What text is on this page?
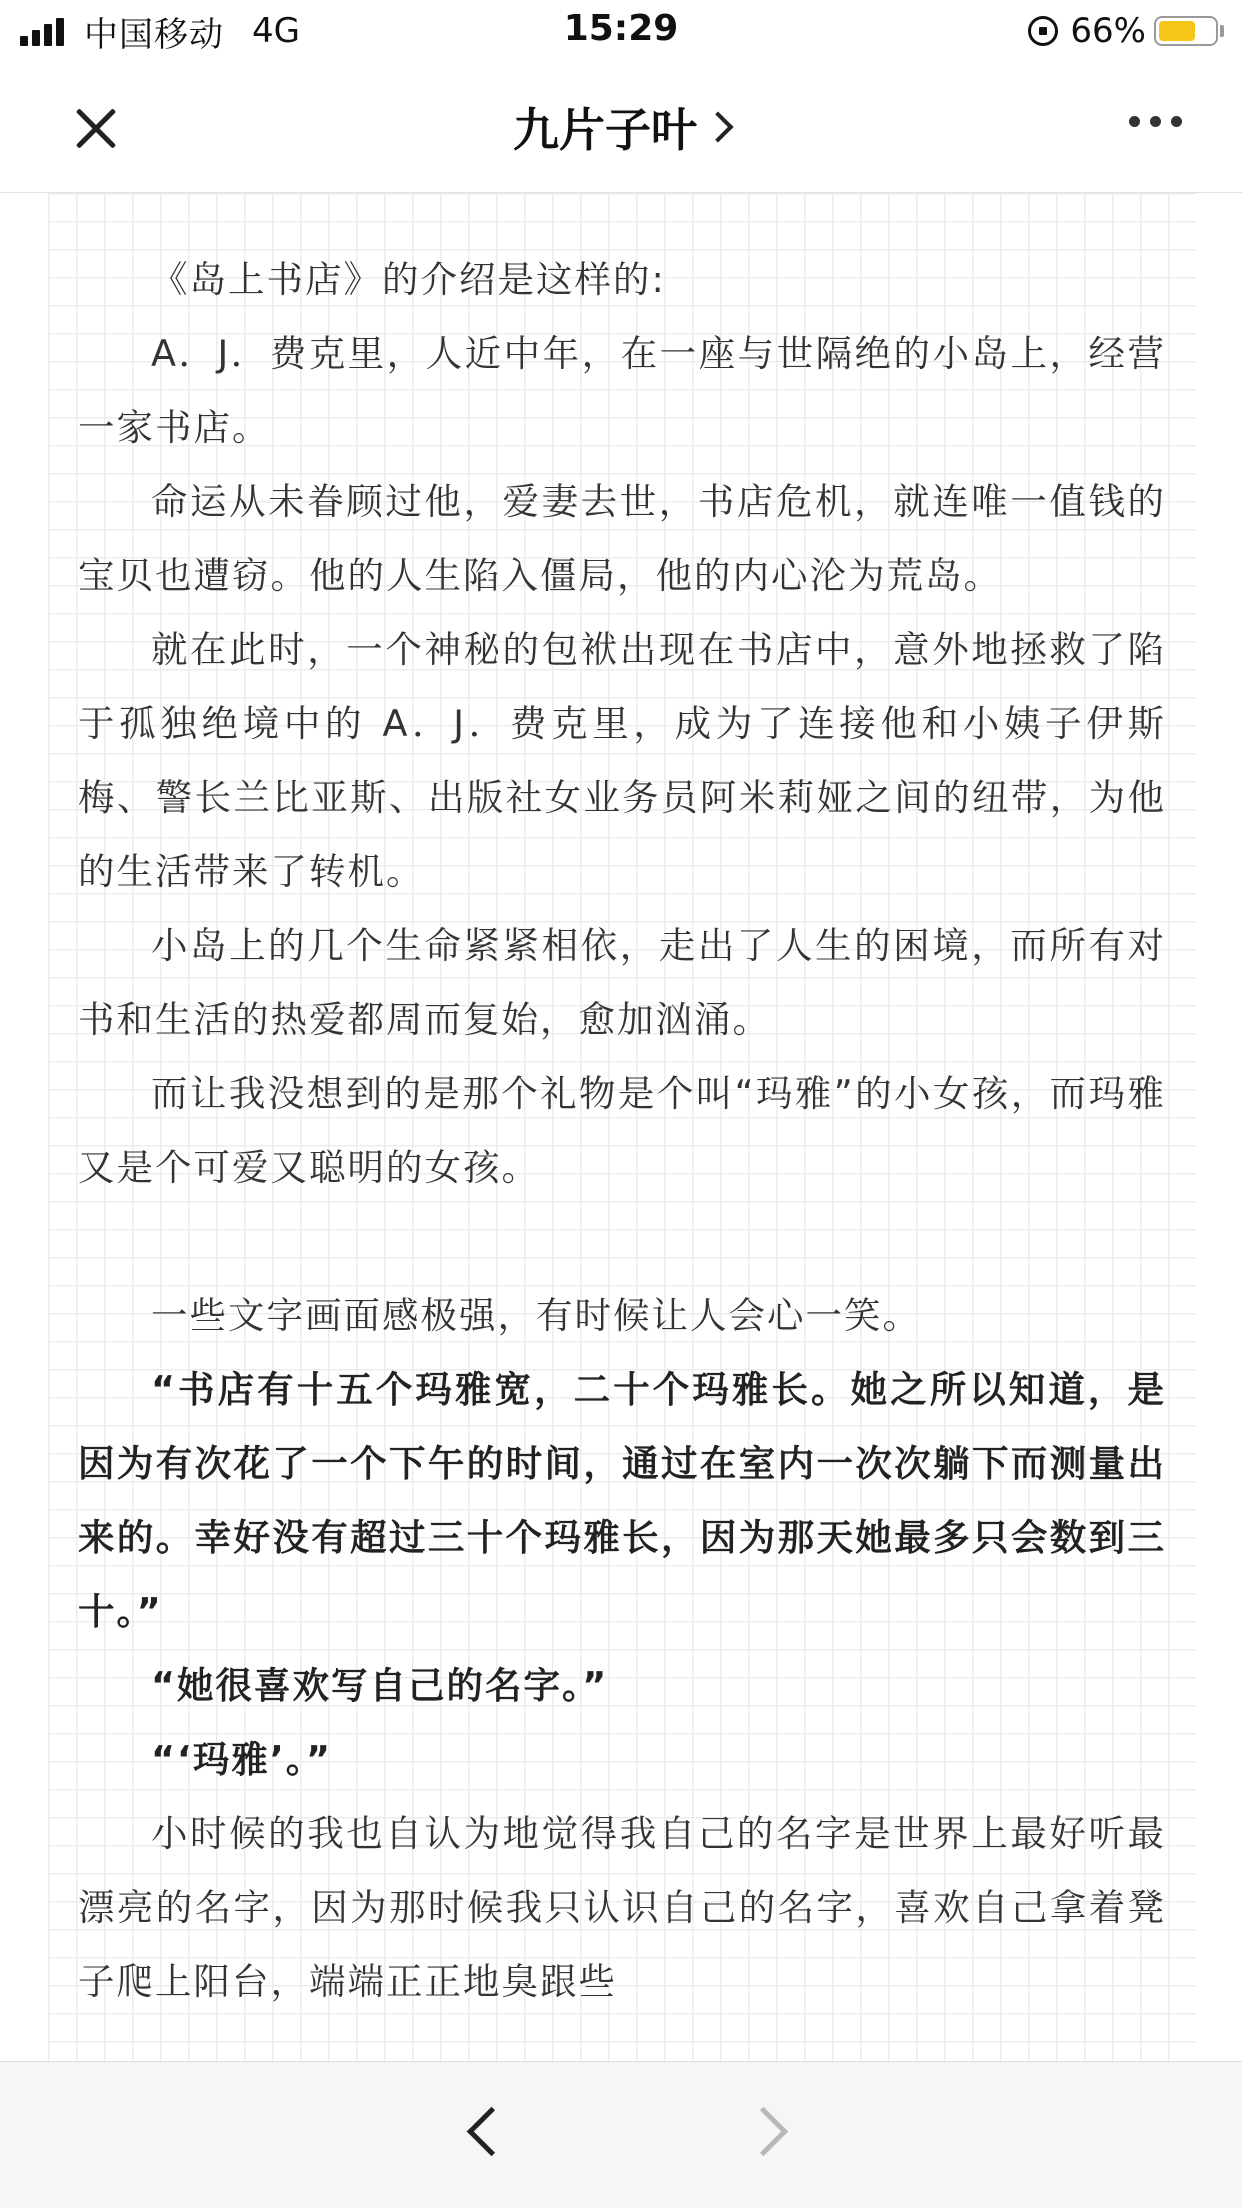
中国移动 4G	15:29	66%
九片子叶

《岛上书店》的介绍是这样的:

A．J．费克里，人近中年，在一座与世隔绝的小岛上，经营一家书店。

命运从未眷顾过他，爱妻去世，书店危机，就连唯一值钱的宝贝也遭窃。他的人生陷入僵局，他的内心沦为荒岛。

就在此时，一个神秘的包袱出现在书店中，意外地拯救了陷于孤独绝境中的 A．J．费克里，成为了连接他和小姨子伊斯梅、警长兰比亚斯、出版社女业务员阿米莉娅之间的纽带，为他的生活带来了转机。

小岛上的几个生命紧紧相依，走出了人生的困境，而所有对书和生活的热爱都周而复始，愈加汹涌。

而让我没想到的是那个礼物是个叫“玛雅”的小女孩，而玛雅又是个可爱又聪明的女孩。

一些文字画面感极强，有时候让人会心一笑。

“书店有十五个玛雅宽，二十个玛雅长。她之所以知道，是因为有次花了一个下午的时间，通过在室内一次次躺下而测量出来的。幸好没有超过三十个玛雅长，因为那天她最多只会数到三十。”

“她很喜欢写自己的名字。”

“‘玛雅’。”

小时候的我也自认为地觉得我自己的名字是世界上最好听最漂亮的名字，因为那时候我只认识自己的名字，喜欢自己拿着凳子爬上阳台，端端正正地臭跟些
